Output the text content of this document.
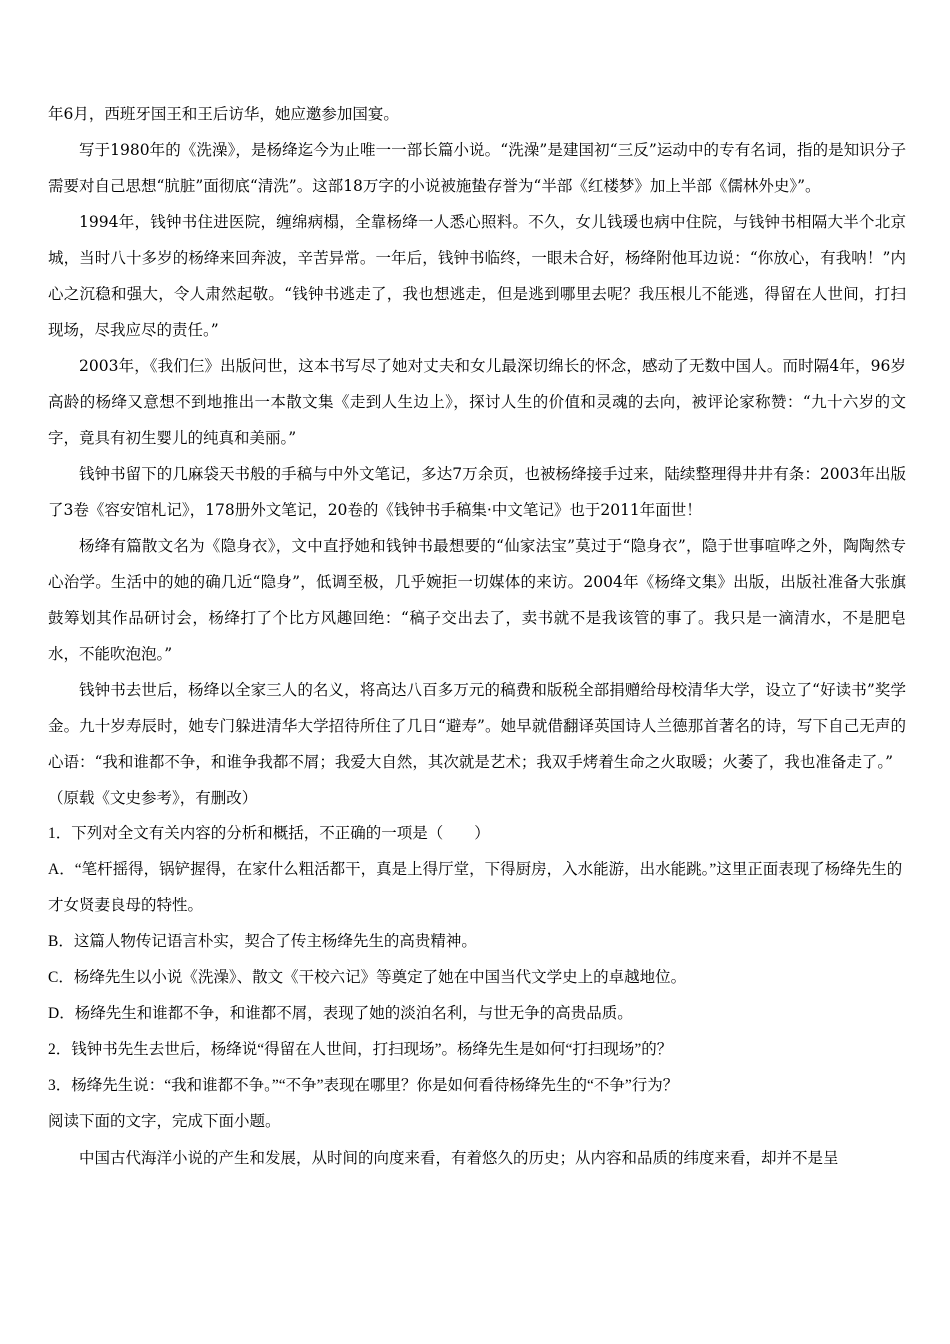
年6月，西班牙国王和王后访华，她应邀参加国宴。

写于1980年的《洗澡》，是杨绛迄今为止唯一一部长篇小说。“洗澡”是建国初“三反”运动中的专有名词，指的是知识分子需要对自己思想“肮脏”面彻底“清洗”。这部18万字的小说被施蛰存誉为“半部《红楼梦》加上半部《儒林外史》”。

1994年，钱钟书住进医院，缠绵病榻，全靠杨绛一人悉心照料。不久，女儿钱瑗也病中住院，与钱钟书相隔大半个北京城，当时八十多岁的杨绛来回奔波，辛苦异常。一年后，钱钟书临终，一眼未合好，杨绛附他耳边说：“你放心，有我呐！”内心之沉稳和强大，令人肃然起敬。“钱钟书逃走了，我也想逃走，但是逃到哪里去呢？我压根儿不能逃，得留在人世间，打扫现场，尽我应尽的责任。”

2003年，《我们仨》出版问世，这本书写尽了她对丈夫和女儿最深切绵长的怀念，感动了无数中国人。而时隔4年，96岁高龄的杨绛又意想不到地推出一本散文集《走到人生边上》，探讨人生的价值和灵魂的去向，被评论家称赞：“九十六岁的文字，竟具有初生婴儿的纯真和美丽。”

钱钟书留下的几麻袋天书般的手稿与中外文笔记，多达7万余页，也被杨绛接手过来，陆续整理得井井有条：2003年出版了3卷《容安馆札记》，178册外文笔记，20卷的《钱钟书手稿集·中文笔记》也于2011年面世！

杨绛有篇散文名为《隐身衣》，文中直抒她和钱钟书最想要的“仙家法宝”莫过于“隐身衣”，隐于世事喧哗之外，陶陶然专心治学。生活中的她的确几近“隐身”，低调至极，几乎婉拒一切媒体的来访。2004年《杨绛文集》出版，出版社准备大张旗鼓筹划其作品研讨会，杨绛打了个比方风趣回绝：“稿子交出去了，卖书就不是我该管的事了。我只是一滴清水，不是肥皂水，不能吹泡泡。”

钱钟书去世后，杨绛以全家三人的名义，将高达八百多万元的稿费和版税全部捐赠给母校清华大学，设立了“好读书”奖学金。九十岁寿辰时，她专门躲进清华大学招待所住了几日“避寿”。她早就借翻译英国诗人兰德那首著名的诗，写下自己无声的心语：“我和谁都不争，和谁争我都不屑；我爱大自然，其次就是艺术；我双手烤着生命之火取暖；火萎了，我也准备走了。”

（原载《文史参考》，有删改）

1．下列对全文有关内容的分析和概括，不正确的一项是（　　）

A．“笔杆摇得，锅铲握得，在家什么粗活都干，真是上得厅堂，下得厨房，入水能游，出水能跳。”这里正面表现了杨绛先生的才女贤妻良母的特性。

B．这篇人物传记语言朴实，契合了传主杨绛先生的高贵精神。

C．杨绛先生以小说《洗澡》、散文《干校六记》等奠定了她在中国当代文学史上的卓越地位。

D．杨绛先生和谁都不争，和谁都不屑，表现了她的淡泊名利，与世无争的高贵品质。

2．钱钟书先生去世后，杨绛说“得留在人世间，打扫现场”。杨绛先生是如何“打扫现场”的？

3．杨绛先生说：“我和谁都不争。”“不争”表现在哪里？你是如何看待杨绛先生的“不争”行为？

阅读下面的文字，完成下面小题。

中国古代海洋小说的产生和发展，从时间的向度来看，有着悠久的历史；从内容和品质的纬度来看，却并不是呈
